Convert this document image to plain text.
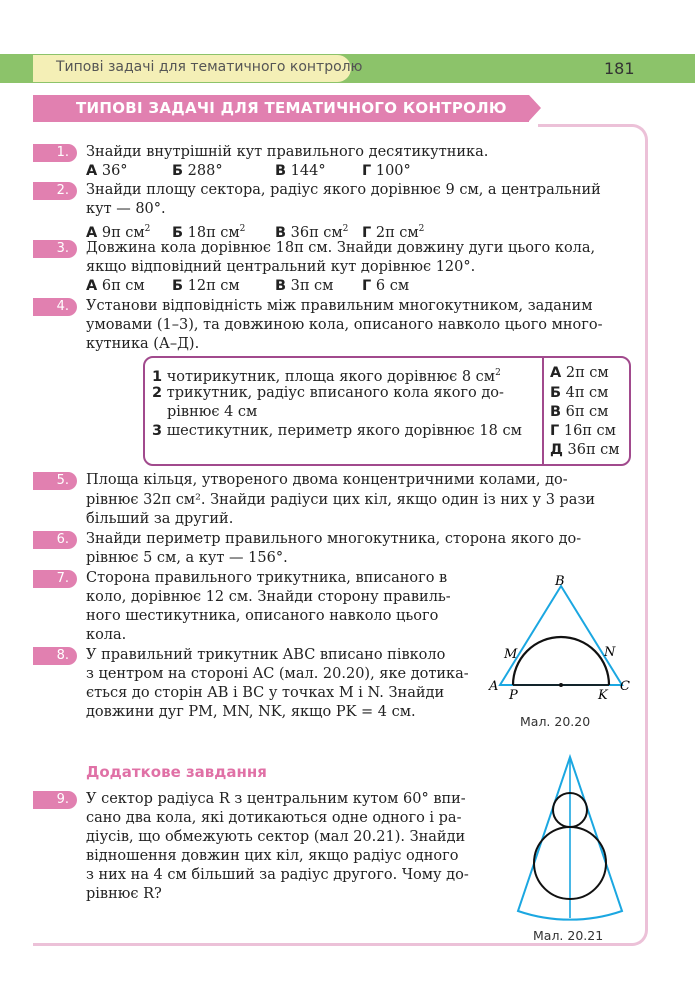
Типові задачі для тематичного контролю	181
ТИПОВІ ЗАДАЧІ ДЛЯ ТЕМАТИЧНОГО КОНТРОЛЮ
1.	Знайди внутрішній кут правильного десятикутника.
А 36°	Б 288°	В 144°	Г 100°
2.	Знайди площу сектора, радіус якого дорівнює 9 см, а центральний
кут — 80°.
А 9π $см^2$ Б 18π $см^2$ В 36π $см^2$ Г 2π $см^2$
3.	Довжина кола дорівнює 18π см. Знайди довжину дуги цього кола,
якщо відповідний центральний кут дорівнює 120°.
А 6π см Б 12π см В 3π см Г 6 см
4.	Установи відповідність між правильним многокутником, заданим
умовами (1–3), та довжиною кола, описаного навколо цього много-
кутника (А–Д).
1 чотирикутник, площа якого дорівнює 8 $см^2$
2 трикутник, радіус вписаного кола якого до-
рівнює 4 см
3 шестикутник, периметр якого дорівнює 18 см
А 2π см
Б 4π см
В 6π см
Г 16π см
Д 36π см
5.	Площа кільця, утвореного двома концентричними колами, до-
рівнює 32π см². Знайди радіуси цих кіл, якщо один із них у 3 рази
більший за другий.
6.	Знайди периметр правильного многокутника, сторона якого до-
рівнює 5 см, а кут — 156°.
7.	Сторона правильного трикутника, вписаного в
коло, дорівнює 12 см. Знайди сторону правиль-
ного шестикутника, описаного навколо цього
кола.
8.	У правильний трикутник ABC вписано півколо
з центром на стороні AC (мал. 20.20), яке дотика-
ється до сторін AB і BC у точках M і N. Знайди
довжини дуг PM, MN, NK, якщо PK = 4 см.
B
M	N
A
P	K
C
Мал. 20.20
Додаткове завдання
9.	У сектор радіуса R з центральним кутом 60° впи-
сано два кола, які дотикаються одне одного і ра-
діусів, що обмежують сектор (мал 20.21). Знайди
відношення довжин цих кіл, якщо радіус одного
з них на 4 см більший за радіус другого. Чому до-
рівнює R?
Мал. 20.21
